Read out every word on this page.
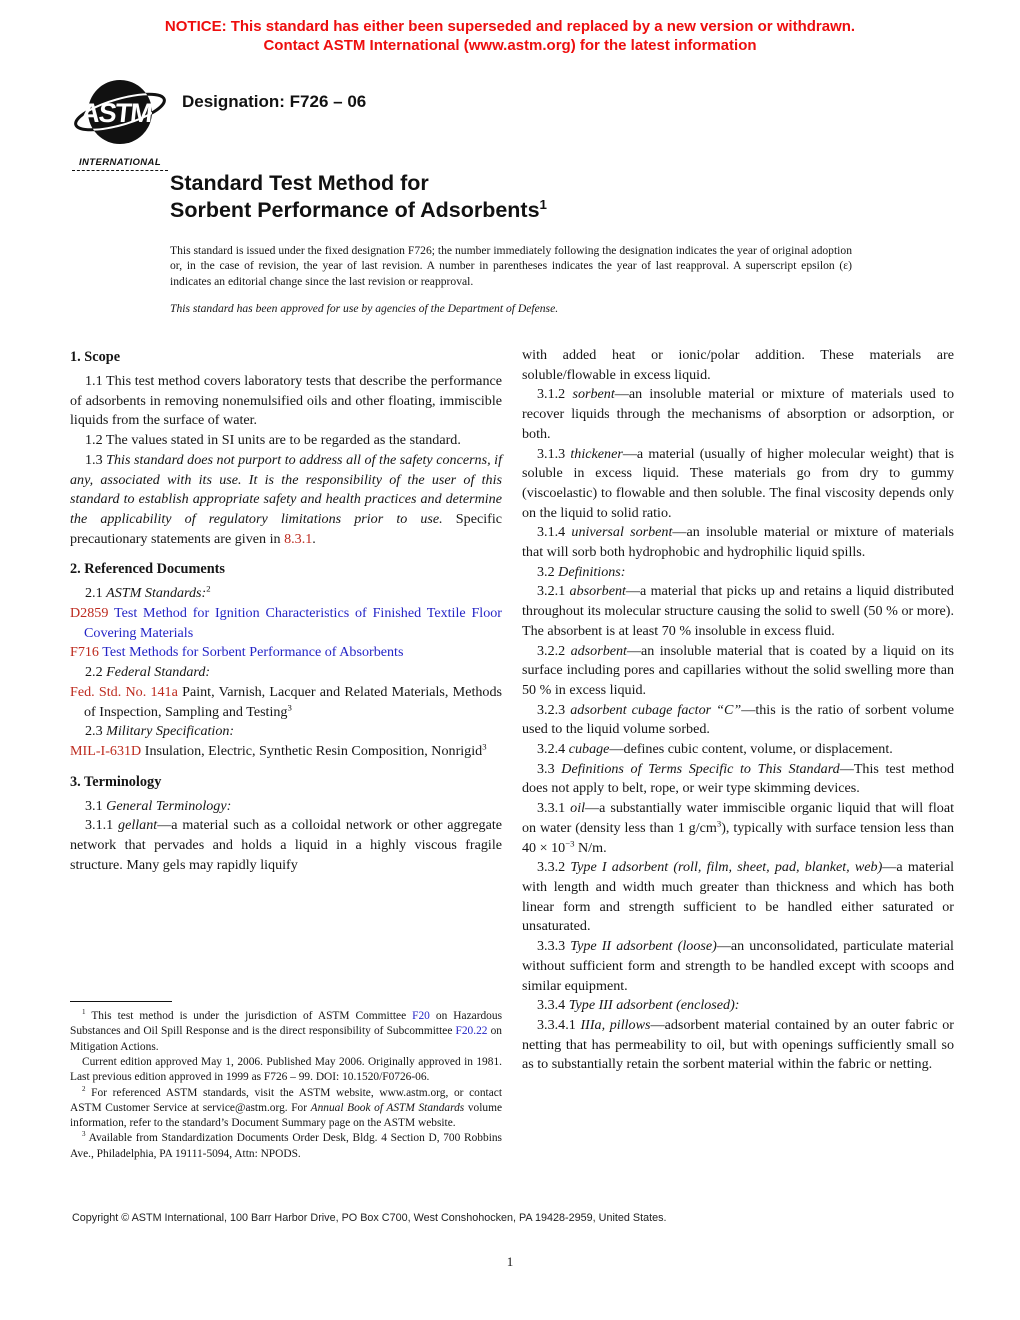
NOTICE: This standard has either been superseded and replaced by a new version or withdrawn.
Contact ASTM International (www.astm.org) for the latest information
ASTM
INTERNATIONAL
Designation: F726 – 06
Standard Test Method for
Sorbent Performance of Adsorbents$^1$
This standard is issued under the fixed designation F726; the number immediately following the designation indicates the year of original adoption or, in the case of revision, the year of last revision. A number in parentheses indicates the year of last reapproval. A superscript epsilon (ε) indicates an editorial change since the last revision or reapproval.
This standard has been approved for use by agencies of the Department of Defense.
1. Scope

1.1 This test method covers laboratory tests that describe the performance of adsorbents in removing nonemulsified oils and other floating, immiscible liquids from the surface of water.

1.2 The values stated in SI units are to be regarded as the standard.

1.3 This standard does not purport to address all of the safety concerns, if any, associated with its use. It is the responsibility of the user of this standard to establish appropriate safety and health practices and determine the applicability of regulatory limitations prior to use. Specific precautionary statements are given in 8.3.1.

2. Referenced Documents

2.1 ASTM Standards:$^2$

D2859 Test Method for Ignition Characteristics of Finished Textile Floor Covering Materials

F716 Test Methods for Sorbent Performance of Absorbents

2.2 Federal Standard:

Fed. Std. No. 141a Paint, Varnish, Lacquer and Related Materials, Methods of Inspection, Sampling and Testing$^3$

2.3 Military Specification:

MIL-I-631D Insulation, Electric, Synthetic Resin Composition, Nonrigid$^3$

3. Terminology

3.1 General Terminology:

3.1.1 gellant—a material such as a colloidal network or other aggregate network that pervades and holds a liquid in a highly viscous fragile structure. Many gels may rapidly liquify

$^1$ This test method is under the jurisdiction of ASTM Committee F20 on Hazardous Substances and Oil Spill Response and is the direct responsibility of Subcommittee F20.22 on Mitigation Actions.

Current edition approved May 1, 2006. Published May 2006. Originally approved in 1981. Last previous edition approved in 1999 as F726 – 99. DOI: 10.1520/F0726-06.

$^2$ For referenced ASTM standards, visit the ASTM website, www.astm.org, or contact ASTM Customer Service at service@astm.org. For Annual Book of ASTM Standards volume information, refer to the standard’s Document Summary page on the ASTM website.

$^3$ Available from Standardization Documents Order Desk, Bldg. 4 Section D, 700 Robbins Ave., Philadelphia, PA 19111-5094, Attn: NPODS.

with added heat or ionic/polar addition. These materials are soluble/flowable in excess liquid.

3.1.2 sorbent—an insoluble material or mixture of materials used to recover liquids through the mechanisms of absorption or adsorption, or both.

3.1.3 thickener—a material (usually of higher molecular weight) that is soluble in excess liquid. These materials go from dry to gummy (viscoelastic) to flowable and then soluble. The final viscosity depends only on the liquid to solid ratio.

3.1.4 universal sorbent—an insoluble material or mixture of materials that will sorb both hydrophobic and hydrophilic liquid spills.

3.2 Definitions:

3.2.1 absorbent—a material that picks up and retains a liquid distributed throughout its molecular structure causing the solid to swell (50 % or more). The absorbent is at least 70 % insoluble in excess fluid.

3.2.2 adsorbent—an insoluble material that is coated by a liquid on its surface including pores and capillaries without the solid swelling more than 50 % in excess liquid.

3.2.3 adsorbent cubage factor “C”—this is the ratio of sorbent volume used to the liquid volume sorbed.

3.2.4 cubage—defines cubic content, volume, or displacement.

3.3 Definitions of Terms Specific to This Standard—This test method does not apply to belt, rope, or weir type skimming devices.

3.3.1 oil—a substantially water immiscible organic liquid that will float on water (density less than 1 $g/cm^3$), typically with surface tension less than $40 \times 10^{-3}$ N/m.

3.3.2 Type I adsorbent (roll, film, sheet, pad, blanket, web)—a material with length and width much greater than thickness and which has both linear form and strength sufficient to be handled either saturated or unsaturated.

3.3.3 Type II adsorbent (loose)—an unconsolidated, particulate material without sufficient form and strength to be handled except with scoops and similar equipment.

3.3.4 Type III adsorbent (enclosed):

3.3.4.1 IIIa, pillows—adsorbent material contained by an outer fabric or netting that has permeability to oil, but with openings sufficiently small so as to substantially retain the sorbent material within the fabric or netting.

Copyright © ASTM International, 100 Barr Harbor Drive, PO Box C700, West Conshohocken, PA 19428-2959, United States.
1
